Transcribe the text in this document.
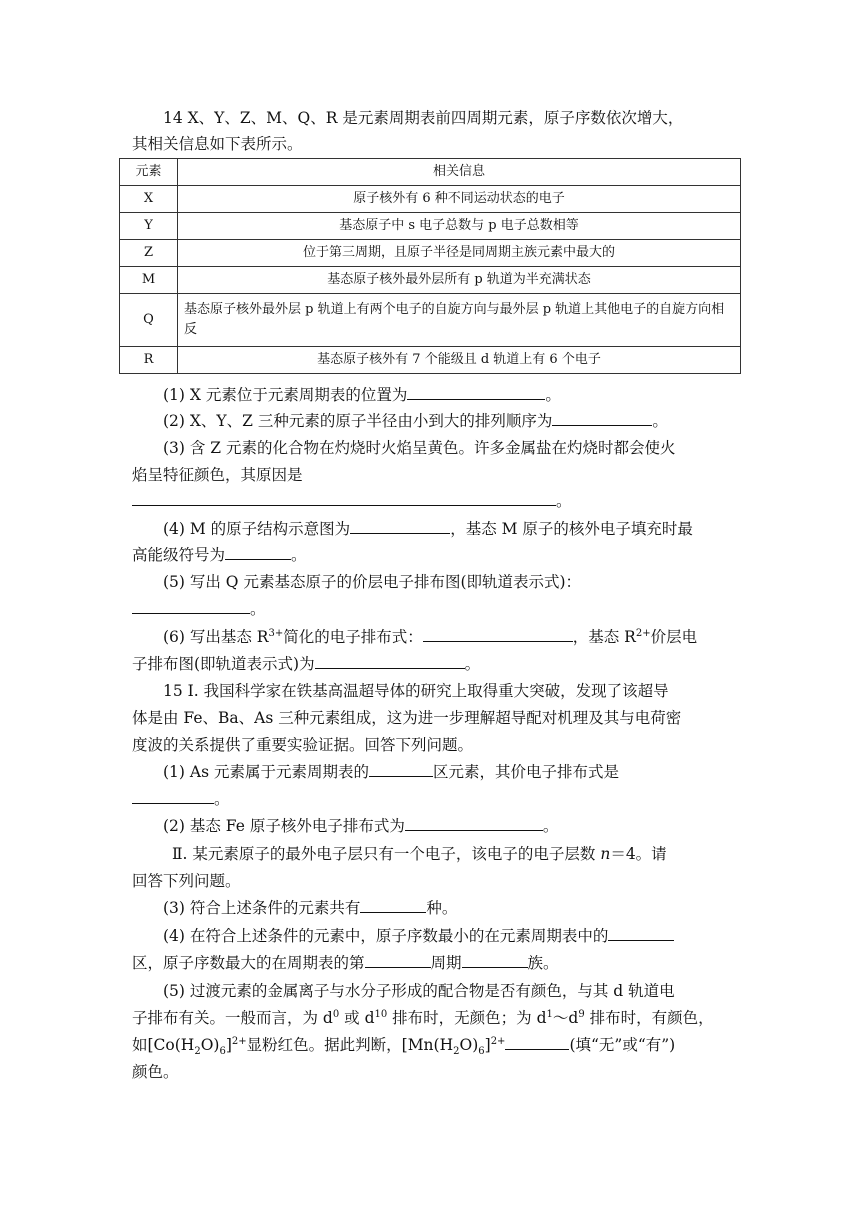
14 X、Y、Z、M、Q、R 是元素周期表前四周期元素，原子序数依次增大，
其相关信息如下表所示。
元素	相关信息
X	原子核外有 6 种不同运动状态的电子
Y	基态原子中 s 电子总数与 p 电子总数相等
Z	位于第三周期，且原子半径是同周期主族元素中最大的
M	基态原子核外最外层所有 p 轨道为半充满状态
Q	基态原子核外最外层 p 轨道上有两个电子的自旋方向与最外层 p 轨道上其他电子的自旋方向相反
R	基态原子核外有 7 个能级且 d 轨道上有 6 个电子
(1) X 元素位于元素周期表的位置为	。
(2) X、Y、Z 三种元素的原子半径由小到大的排列顺序为	。
(3) 含 Z 元素的化合物在灼烧时火焰呈黄色。许多金属盐在灼烧时都会使火
焰呈特征颜色，其原因是
。
(4) M 的原子结构示意图为	，基态 M 原子的核外电子填充时最
高能级符号为	。
(5) 写出 Q 元素基态原子的价层电子排布图(即轨道表示式)：
。
(6) 写出基态 $R^{3+}$简化的电子排布式：	，基态 $R^{2+}$价层电
子排布图(即轨道表示式)为	。
15 Ⅰ. 我国科学家在铁基高温超导体的研究上取得重大突破，发现了该超导
体是由 Fe、Ba、As 三种元素组成，这为进一步理解超导配对机理及其与电荷密
度波的关系提供了重要实验证据。回答下列问题。
(1) As 元素属于元素周期表的	区元素，其价电子排布式是
。
(2) 基态 Fe 原子核外电子排布式为	。
Ⅱ. 某元素原子的最外电子层只有一个电子，该电子的电子层数 n＝4。请
回答下列问题。
(3) 符合上述条件的元素共有	种。
(4) 在符合上述条件的元素中，原子序数最小的在元素周期表中的
区，原子序数最大的在周期表的第	周期	族。
(5) 过渡元素的金属离子与水分子形成的配合物是否有颜色，与其 d 轨道电
子排布有关。一般而言，为 $d^0$ 或 $d^{10}$ 排布时，无颜色；为 $d^1\sim d^9$ 排布时，有颜色，
如$[Co(H_2O)_6]^{2+}$显粉红色。据此判断，$[Mn(H_2O)_6]^{2+}$	(填“无”或“有”)
颜色。
